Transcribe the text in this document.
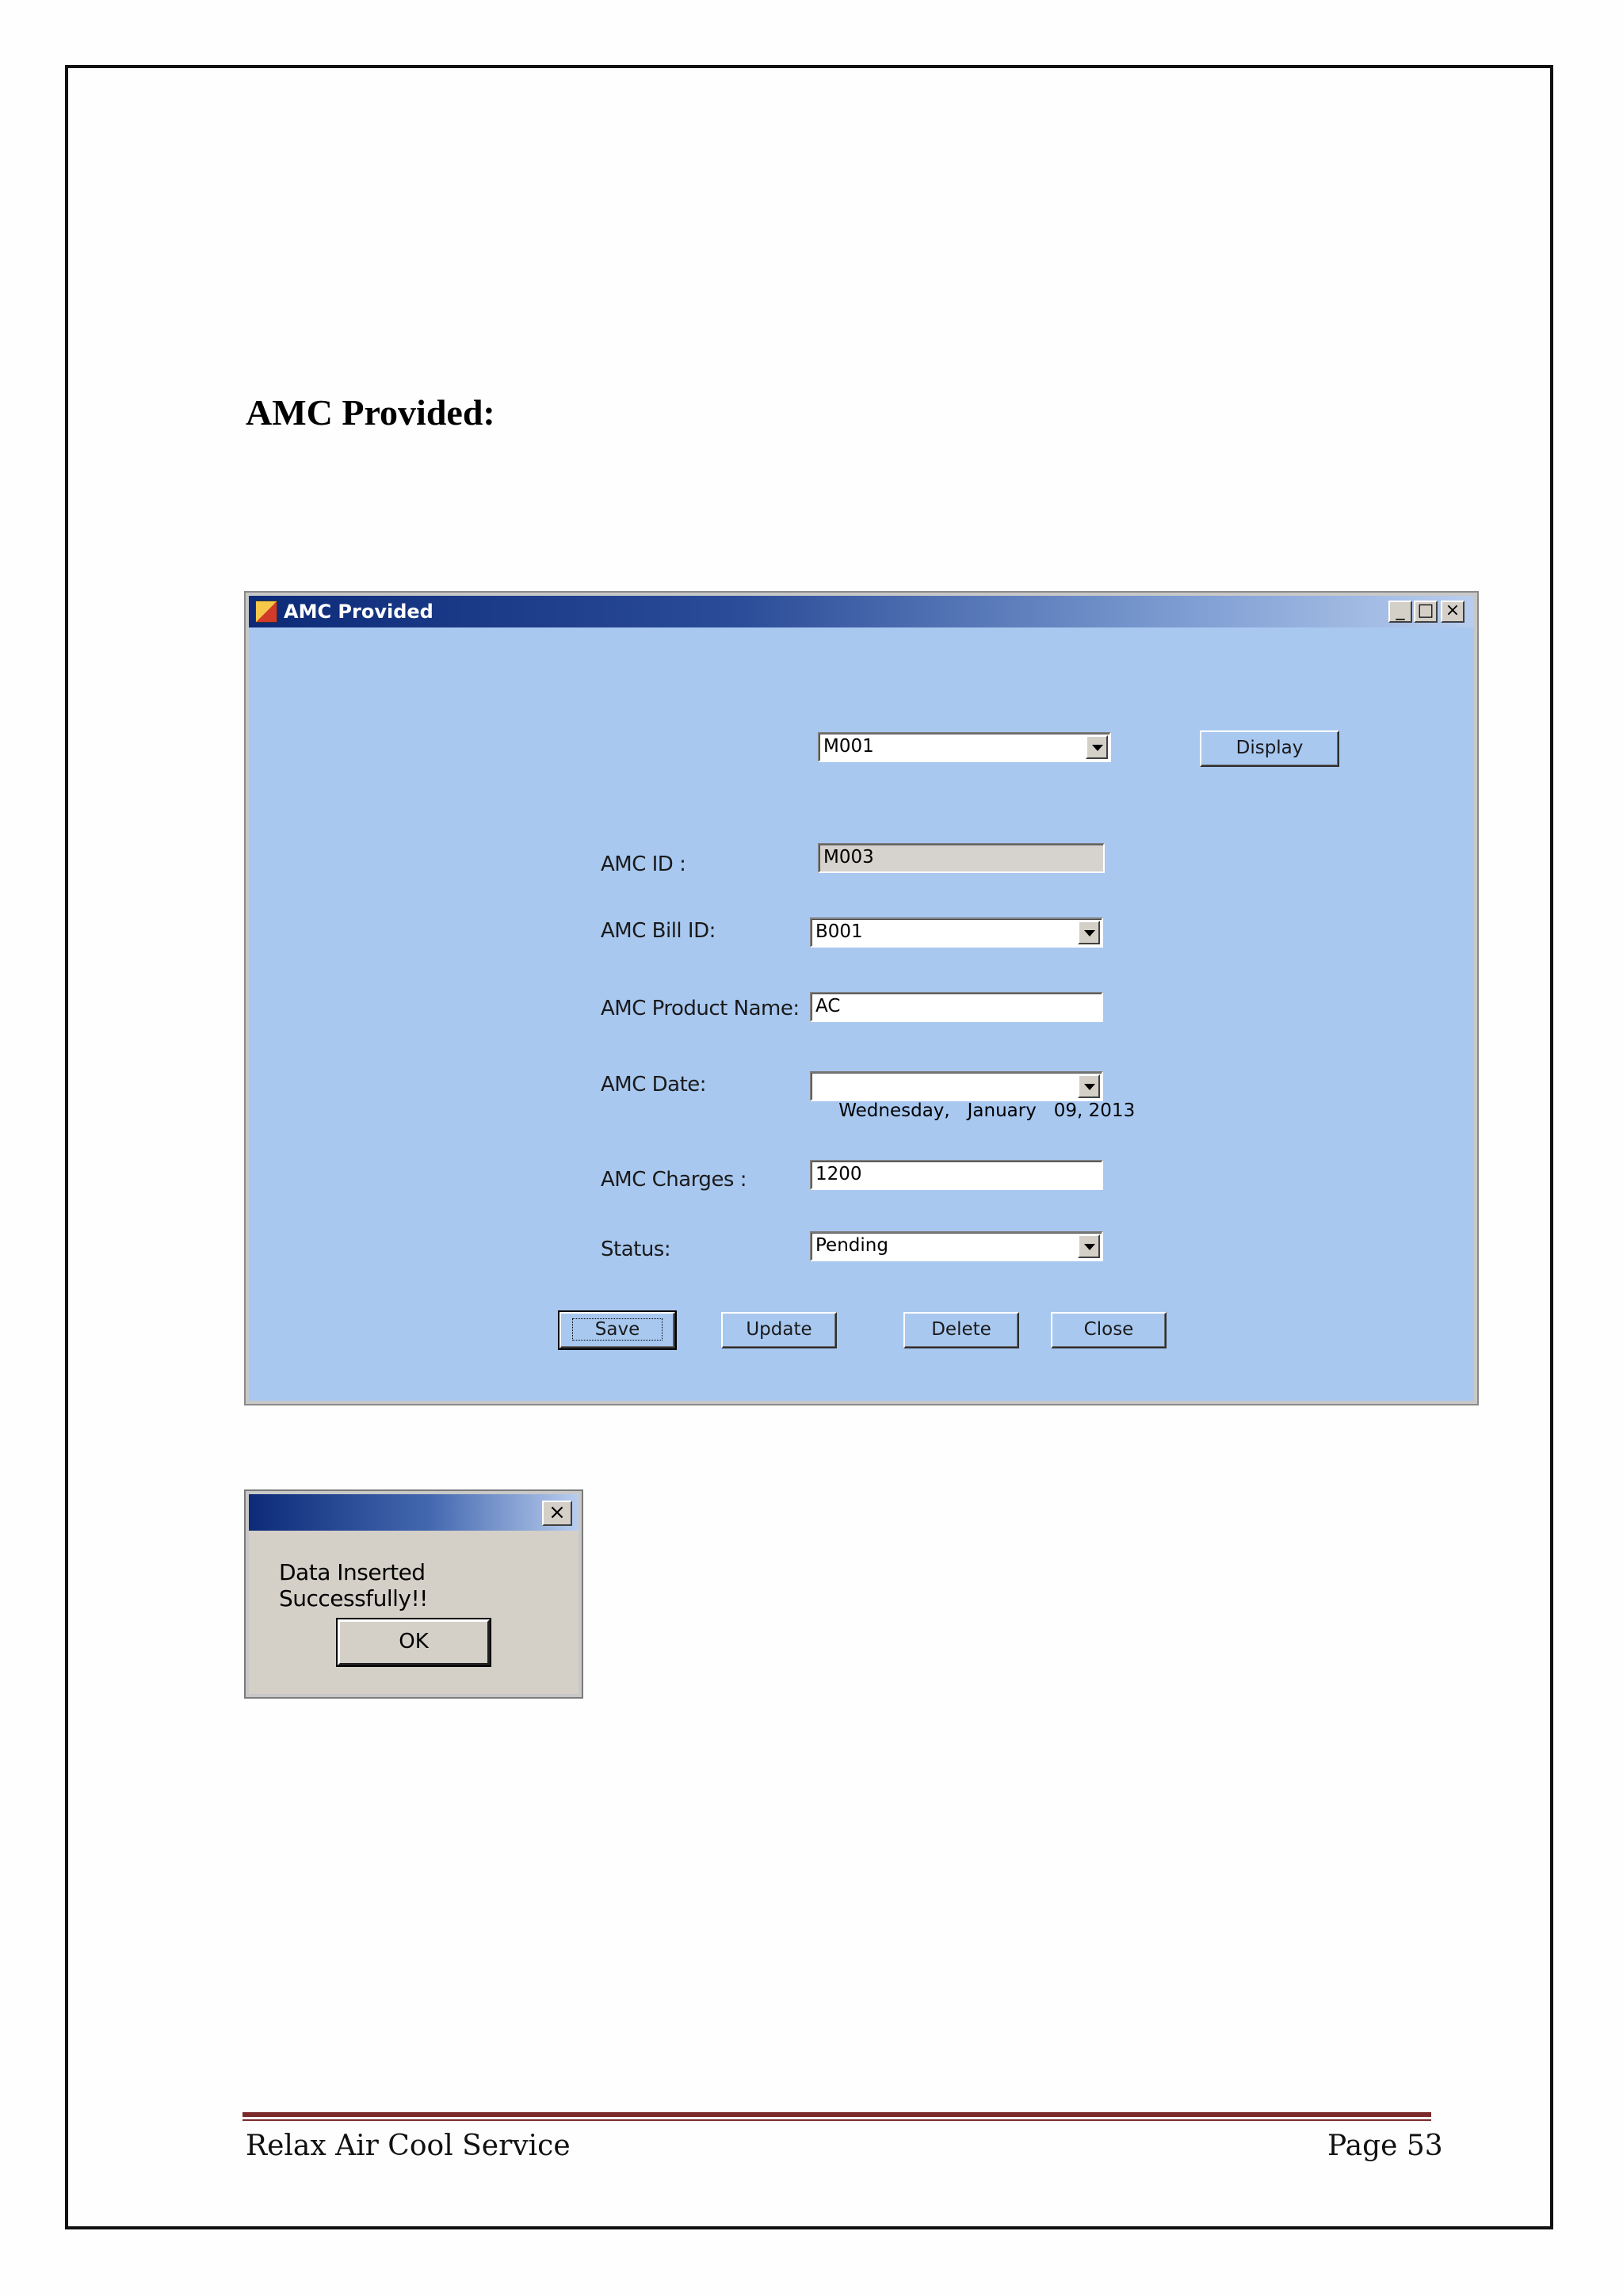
AMC Provided:
AMC Provided	_ □ ×
M001	Display
AMC ID :	M003
AMC Bill ID:	B001
AMC Product Name: AC
AMC Date:

Wednesday,   January   09, 2013

AMC Charges :	1200
Status:	Pending
Save	Update	Delete	Close
×
Data Inserted Successfully!!
OK
Relax Air Cool Service	Page 53
